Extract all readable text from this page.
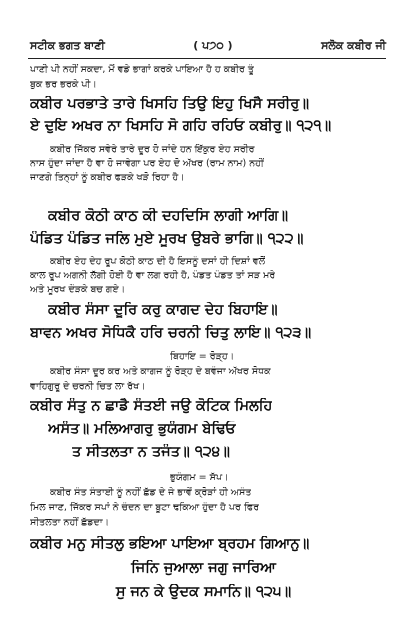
ਸਟੀਕ ਭਗਤ ਬਾਣੀ	( ਪ੭੦ )	ਸਲੋਕ ਕਬੀਰ ਜੀ
ਪਾਣੀ ਪੀ ਨਹੀਂ ਸਕਦਾ, ਮੈਂ ਵਡੇ ਭਾਗਾਂ ਕਰਕੇ ਪਾਇਆ ਹੈ ਹ ਕਬੀਰ ਤੂੰ
ਬੁਕ ਭਰ ਭਰਕੇ ਪੀ।
ਕਬੀਰ ਪਰਭਾਤੇ ਤਾਰੇ ਖਿਸਹਿ ਤਿਉ ਇਹੁ ਖਿਸੈ ਸਰੀਰੁ॥
ਏ ਦੁਇ ਅਖਰ ਨਾ ਖਿਸਹਿ ਸੋ ਗਹਿ ਰਹਿਓ ਕਬੀਰੁ॥ ੧੨੧॥
ਕਬੀਰ ਜਿੱਕਰ ਸਵੇਰੇ ਤਾਰੇ ਦੂਰ ਹੋ ਜਾਂਦੇ ਹਨ ਇੱਕੁਰ ਏਹ ਸਰੀਰ
ਨਾਸ ਹੁੰਦਾ ਜਾਂਦਾ ਹੈ ਵਾ ਹੋ ਜਾਵੇਗਾ ਪਰ ਏਹ ਦੋ ਅੱਖਰ (ਰਾਮ ਨਾਮ) ਨਹੀਂ
ਜਾਣਗੇ ਤਿਨ੍ਹਾਂ ਨੂੰ ਕਬੀਰ ਫੜਕੇ ਖੜੋ ਰਿਹਾ ਹੈ।
ਕਬੀਰ ਕੋਠੀ ਕਾਠ ਕੀ ਦਹਦਿਸਿ ਲਾਗੀ ਆਗਿ॥
ਪੰਡਿਤ ਪੰਡਿਤ ਜਲਿ ਮੁਏ ਮੂਰਖ ਉਬਰੇ ਭਾਗਿ॥ ੧੨੨॥
ਕਬੀਰ ਏਹ ਦੇਹ ਰੂਪ ਕੋਠੀ ਕਾਠ ਦੀ ਹੈ ਇਸਨੂੰ ਦਸਾਂ ਹੀ ਦਿਸ਼ਾਂ ਵਲੋਂ
ਕਾਲ ਰੂਪ ਅਗਨੀ ਲੱਗੀ ਹੋਈ ਹੈ ਵਾ ਲਗ ਰਹੀ ਹੈ, ਪੰਡਤ ਪੰਡਤ ਤਾਂ ਸੜ ਮਰੇ
ਅਤੇ ਮੂਰਖ ਦੌੜਕੇ ਬਚ ਗਏ।
ਕਬੀਰ ਸੰਸਾ ਦੂਰਿ ਕਰੁ ਕਾਗਦ ਦੇਹ ਬਿਹਾਇ॥
ਬਾਵਨ ਅਖਰ ਸੋਧਿਕੈ ਹਰਿ ਚਰਨੀ ਚਿਤੁ ਲਾਇ॥ ੧੨੩॥
ਬਿਹਾਇ = ਰੋੜ੍ਹ।
ਕਬੀਰ ਸੰਸਾ ਦੂਰ ਕਰ ਅਤੇ ਕਾਗਜ ਨੂੰ ਰੋੜ੍ਹ ਦੇ ਬਵੰਜਾ ਅੱਖਰ ਸੋਧਕ
ਵਾਹਿਗੁਰੂ ਦੇ ਚਰਨੀ ਚਿਤ ਲਾ ਰੱਖ।
ਕਬੀਰ ਸੰਤੁ ਨ ਛਾਡੈ ਸੰਤਈ ਜਉ ਕੋਟਿਕ ਮਿਲਹਿ
ਅਸੰਤ॥ ਮਲਿਆਗਰੁ ਭੁਯੰਗਮ ਬੇਢਿਓ
ਤ ਸੀਤਲਤਾ ਨ ਤਜੰਤ॥ ੧੨੪॥
ਭੁਯੰਗਮ = ਸੱਪ।
ਕਬੀਰ ਸੰਤ ਸੰਤਾਈ ਨੂੰ ਨਹੀਂ ਛੱਡ ਦੇ ਜੇ ਭਾਵੇਂ ਕ੍ਰੋੜਾਂ ਹੀ ਅਸੰਤ
ਮਿਲ ਜਾਣ, ਜਿੱਕਰ ਸਪਾਂ ਨੇ ਚੰਦਨ ਦਾ ਬੂਟਾ ਢਕਿਆ ਹੁੰਦਾ ਹੈ ਪਰ ਫਿਰ
ਸੀਤਲਤਾ ਨਹੀਂ ਛੱਡਦਾ।
ਕਬੀਰ ਮਨੁ ਸੀਤਲੁ ਭਇਆ ਪਾਇਆ ਬ੍ਰਹਮ ਗਿਆਨੁ॥
ਜਿਨਿ ਜੁਆਲਾ ਜਗੁ ਜਾਰਿਆ
ਸੁ ਜਨ ਕੇ ਉਦਕ ਸਮਾਨਿ॥ ੧੨੫॥
